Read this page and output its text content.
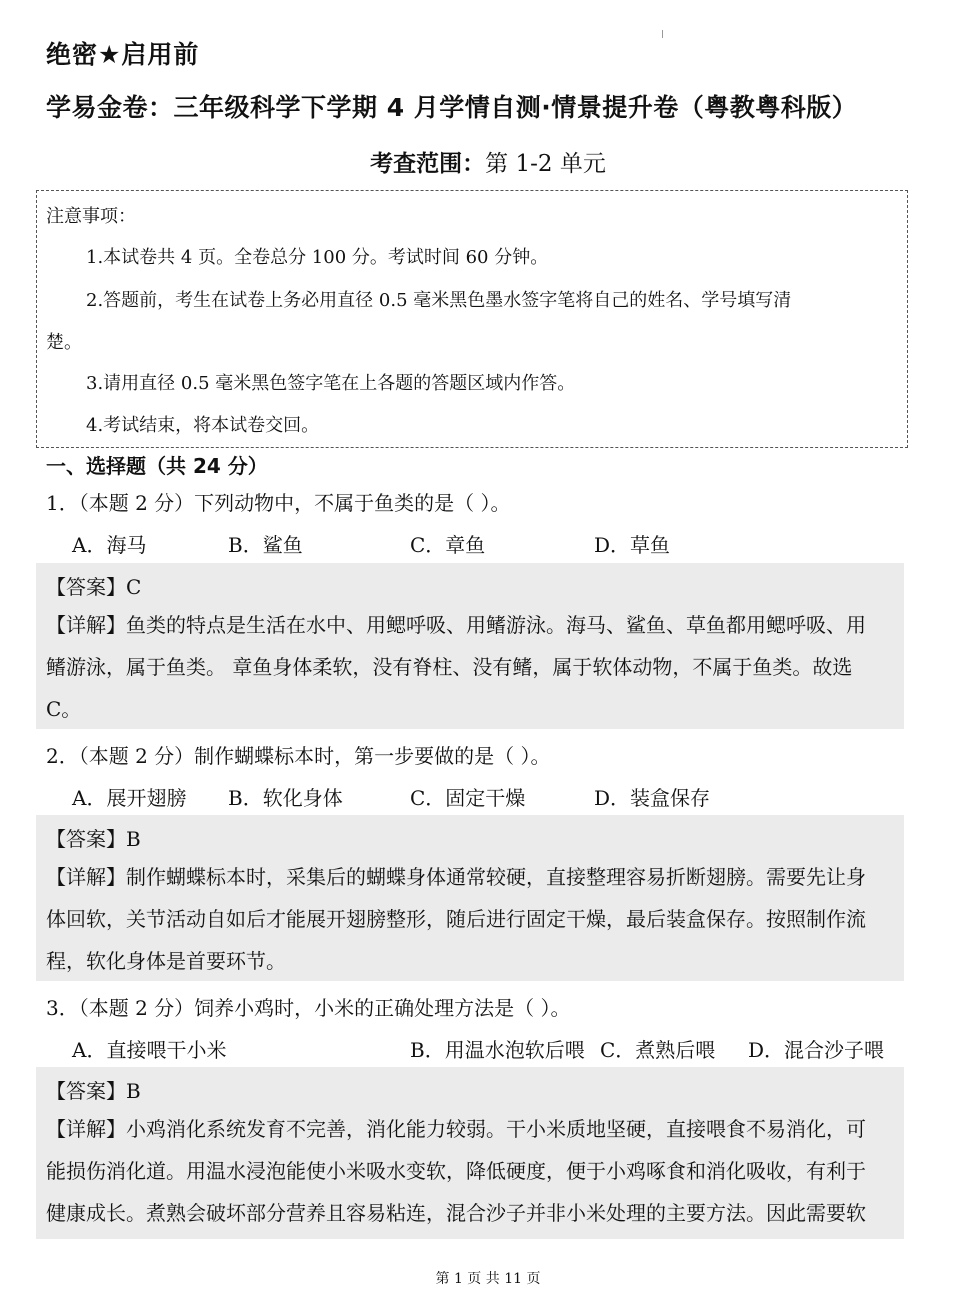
绝密★启用前
学易金卷：三年级科学下学期 4 月学情自测·情景提升卷（粤教粤科版）
考查范围：第 1-2 单元
注意事项：
1.本试卷共 4 页。全卷总分 100 分。考试时间 60 分钟。
2.答题前，考生在试卷上务必用直径 0.5 毫米黑色墨水签字笔将自己的姓名、学号填写清
楚。
3.请用直径 0.5 毫米黑色签字笔在上各题的答题区域内作答。
4.考试结束，将本试卷交回。
一、选择题（共 24 分）
1．（本题 2 分）下列动物中，不属于鱼类的是（ ）。
A．海马	B．鲨鱼	C．章鱼	D．草鱼
【答案】C
【详解】鱼类的特点是生活在水中、用鳃呼吸、用鳍游泳。海马、鲨鱼、草鱼都用鳃呼吸、用
鳍游泳，属于鱼类。 章鱼身体柔软，没有脊柱、没有鳍，属于软体动物，不属于鱼类。故选
C。
2．（本题 2 分）制作蝴蝶标本时，第一步要做的是（ ）。
A．展开翅膀 B．软化身体	C．固定干燥	D．装盒保存
【答案】B
【详解】制作蝴蝶标本时，采集后的蝴蝶身体通常较硬，直接整理容易折断翅膀。需要先让身
体回软，关节活动自如后才能展开翅膀整形，随后进行固定干燥，最后装盒保存。按照制作流
程，软化身体是首要环节。
3．（本题 2 分）饲养小鸡时，小米的正确处理方法是（ ）。
A．直接喂干小米	B．用温水泡软后喂 C．煮熟后喂 D．混合沙子喂
【答案】B
【详解】小鸡消化系统发育不完善，消化能力较弱。干小米质地坚硬，直接喂食不易消化，可
能损伤消化道。用温水浸泡能使小米吸水变软，降低硬度，便于小鸡啄食和消化吸收，有利于
健康成长。煮熟会破坏部分营养且容易粘连，混合沙子并非小米处理的主要方法。因此需要软
第 1 页 共 11 页
